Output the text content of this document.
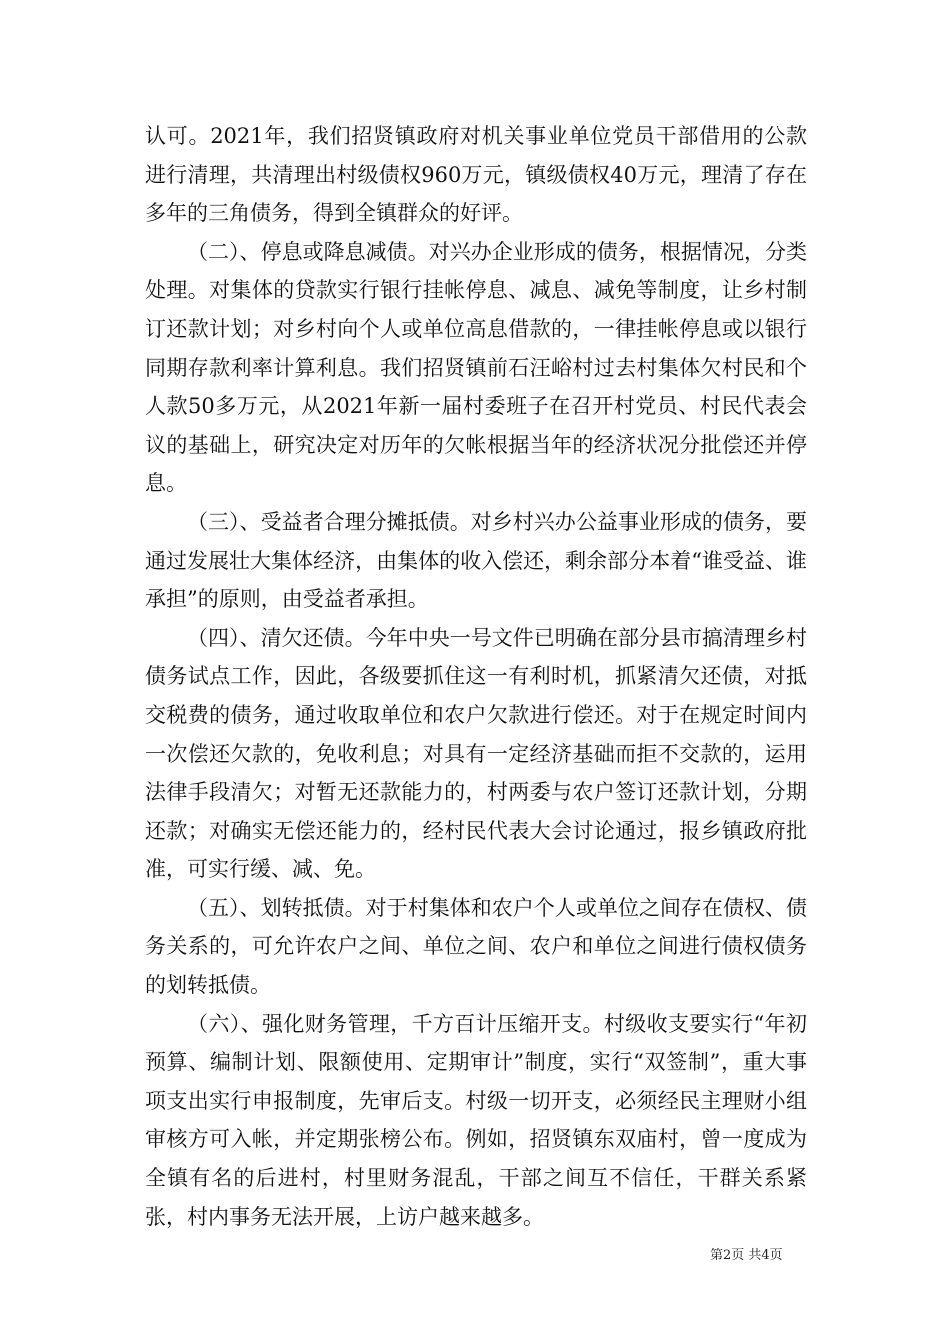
认可。2021年，我们招贤镇政府对机关事业单位党员干部借用的公款进行清理，共清理出村级债权960万元，镇级债权40万元，理清了存在多年的三角债务，得到全镇群众的好评。

（二）、停息或降息减债。对兴办企业形成的债务，根据情况，分类处理。对集体的贷款实行银行挂帐停息、减息、减免等制度，让乡村制订还款计划；对乡村向个人或单位高息借款的，一律挂帐停息或以银行同期存款利率计算利息。我们招贤镇前石汪峪村过去村集体欠村民和个人款50多万元，从2021年新一届村委班子在召开村党员、村民代表会议的基础上，研究决定对历年的欠帐根据当年的经济状况分批偿还并停息。

（三）、受益者合理分摊抵债。对乡村兴办公益事业形成的债务，要通过发展壮大集体经济，由集体的收入偿还，剩余部分本着“谁受益、谁承担”的原则，由受益者承担。

（四）、清欠还债。今年中央一号文件已明确在部分县市搞清理乡村债务试点工作，因此，各级要抓住这一有利时机，抓紧清欠还债，对抵交税费的债务，通过收取单位和农户欠款进行偿还。对于在规定时间内一次偿还欠款的，免收利息；对具有一定经济基础而拒不交款的，运用法律手段清欠；对暂无还款能力的，村两委与农户签订还款计划，分期还款；对确实无偿还能力的，经村民代表大会讨论通过，报乡镇政府批准，可实行缓、减、免。

（五）、划转抵债。对于村集体和农户个人或单位之间存在债权、债务关系的，可允许农户之间、单位之间、农户和单位之间进行债权债务的划转抵债。

（六）、强化财务管理，千方百计压缩开支。村级收支要实行“年初预算、编制计划、限额使用、定期审计”制度，实行“双签制”，重大事项支出实行申报制度，先审后支。村级一切开支，必须经民主理财小组审核方可入帐，并定期张榜公布。例如，招贤镇东双庙村，曾一度成为全镇有名的后进村，村里财务混乱，干部之间互不信任，干群关系紧张，村内事务无法开展，上访户越来越多。

第2页 共4页
